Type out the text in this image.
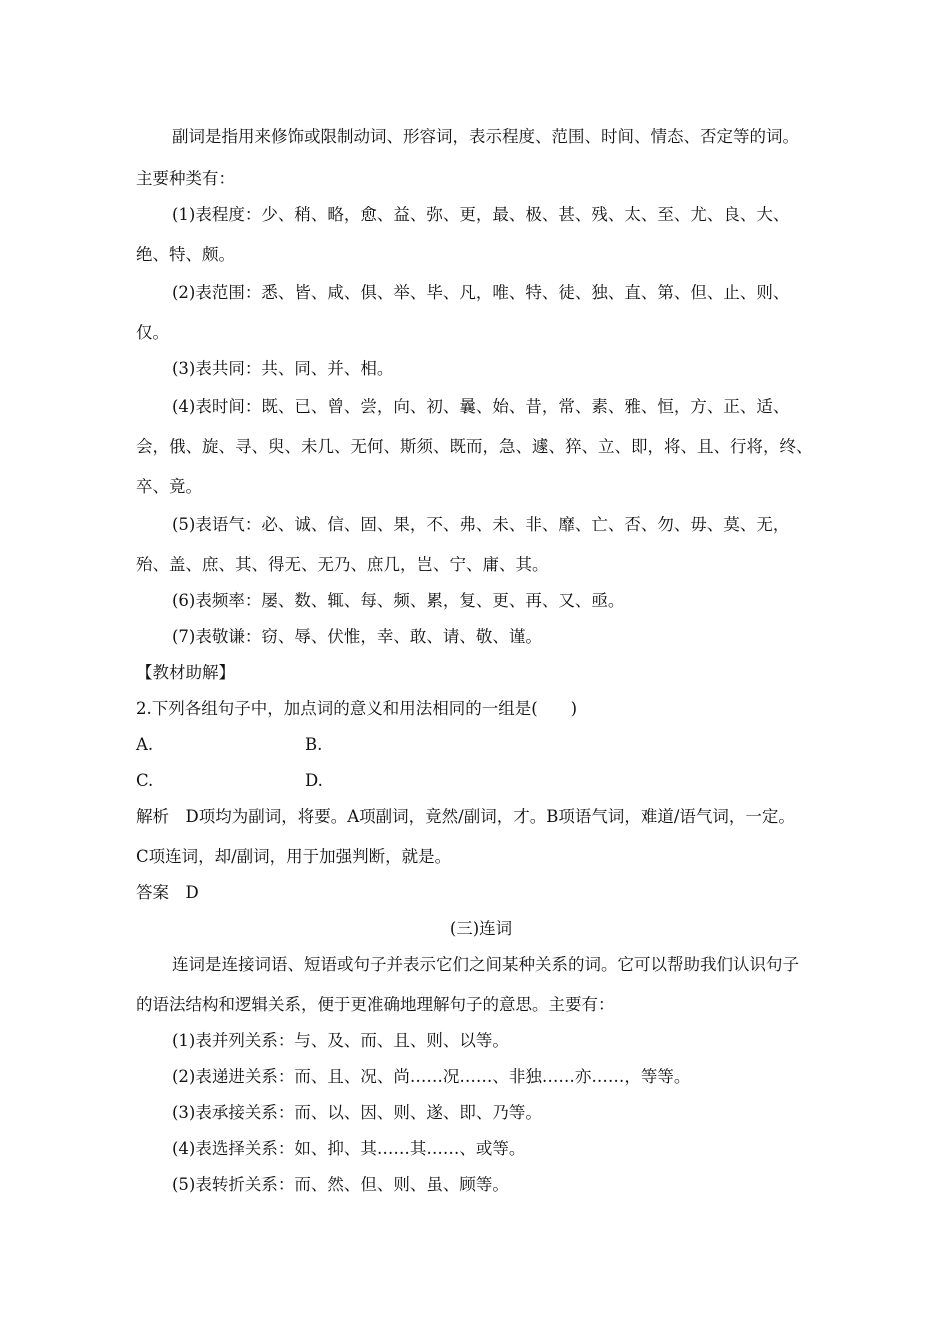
副词是指用来修饰或限制动词、形容词，表示程度、范围、时间、情态、否定等的词。
主要种类有：
(1)表程度：少、稍、略，愈、益、弥、更，最、极、甚、残、太、至、尤、良、大、
绝、特、颇。
(2)表范围：悉、皆、咸、俱、举、毕、凡，唯、特、徒、独、直、第、但、止、则、
仅。
(3)表共同：共、同、并、相。
(4)表时间：既、已、曾、尝，向、初、曩、始、昔，常、素、雅、恒，方、正、适、
会，俄、旋、寻、臾、未几、无何、斯须、既而，急、遽、猝、立、即，将、且、行将，终、
卒、竟。
(5)表语气：必、诚、信、固、果，不、弗、未、非、靡、亡、否、勿、毋、莫、无，
殆、盖、庶、其、得无、无乃、庶几，岂、宁、庸、其。
(6)表频率：屡、数、辄、每、频、累，复、更、再、又、亟。
(7)表敬谦：窃、辱、伏惟，幸、敢、请、敬、谨。
【教材助解】
2.下列各组句子中，加点词的意义和用法相同的一组是(　　)
A.	B.
C.	D.
解析　D项均为副词，将要。A项副词，竟然/副词，才。B项语气词，难道/语气词，一定。
C项连词，却/副词，用于加强判断，就是。
答案　D
(三)连词
连词是连接词语、短语或句子并表示它们之间某种关系的词。它可以帮助我们认识句子
的语法结构和逻辑关系，便于更准确地理解句子的意思。主要有：
(1)表并列关系：与、及、而、且、则、以等。
(2)表递进关系：而、且、况、尚……况……、非独……亦……，等等。
(3)表承接关系：而、以、因、则、遂、即、乃等。
(4)表选择关系：如、抑、其……其……、或等。
(5)表转折关系：而、然、但、则、虽、顾等。
